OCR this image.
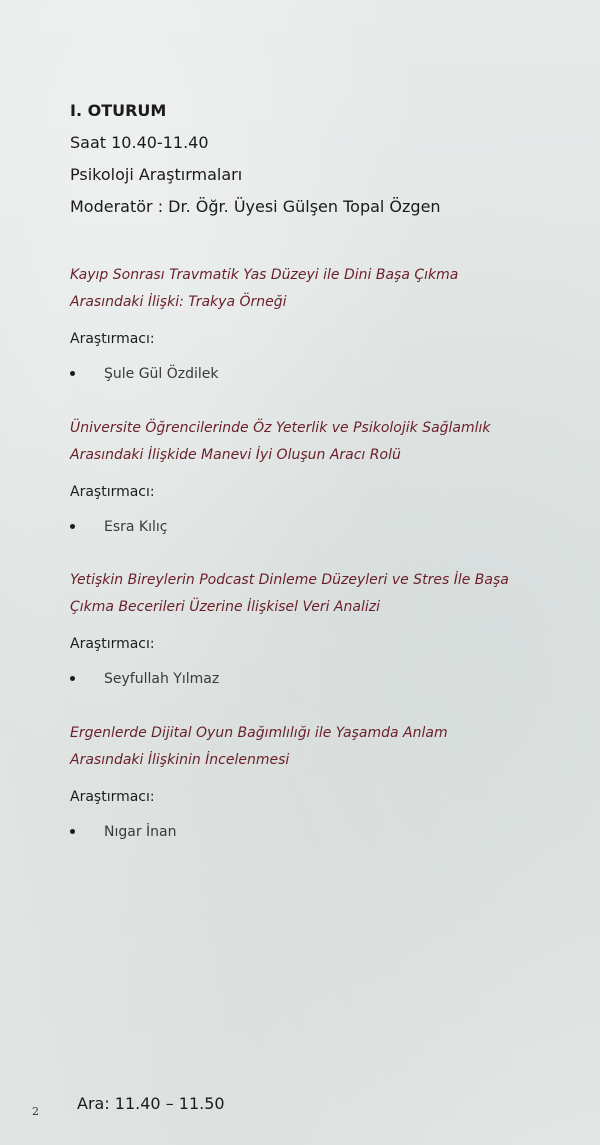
I. OTURUM

Saat 10.40-11.40

Psikoloji Araştırmaları

Moderatör : Dr. Öğr. Üyesi Gülşen Topal Özgen

Kayıp Sonrası Travmatik Yas Düzeyi ile Dini Başa Çıkma
Arasındaki İlişki: Trakya Örneği

Araştırmacı:
Şule Gül Özdilek

Üniversite Öğrencilerinde Öz Yeterlik ve Psikolojik Sağlamlık
Arasındaki İlişkide Manevi İyi Oluşun Aracı Rolü

Araştırmacı:
Esra Kılıç

Yetişkin Bireylerin Podcast Dinleme Düzeyleri ve Stres İle Başa
Çıkma Becerileri Üzerine İlişkisel Veri Analizi

Araştırmacı:
Seyfullah Yılmaz

Ergenlerde Dijital Oyun Bağımlılığı ile Yaşamda Anlam
Arasındaki İlişkinin İncelenmesi

Araştırmacı:
Nıgar İnan
Ara: 11.40 – 11.50
2
